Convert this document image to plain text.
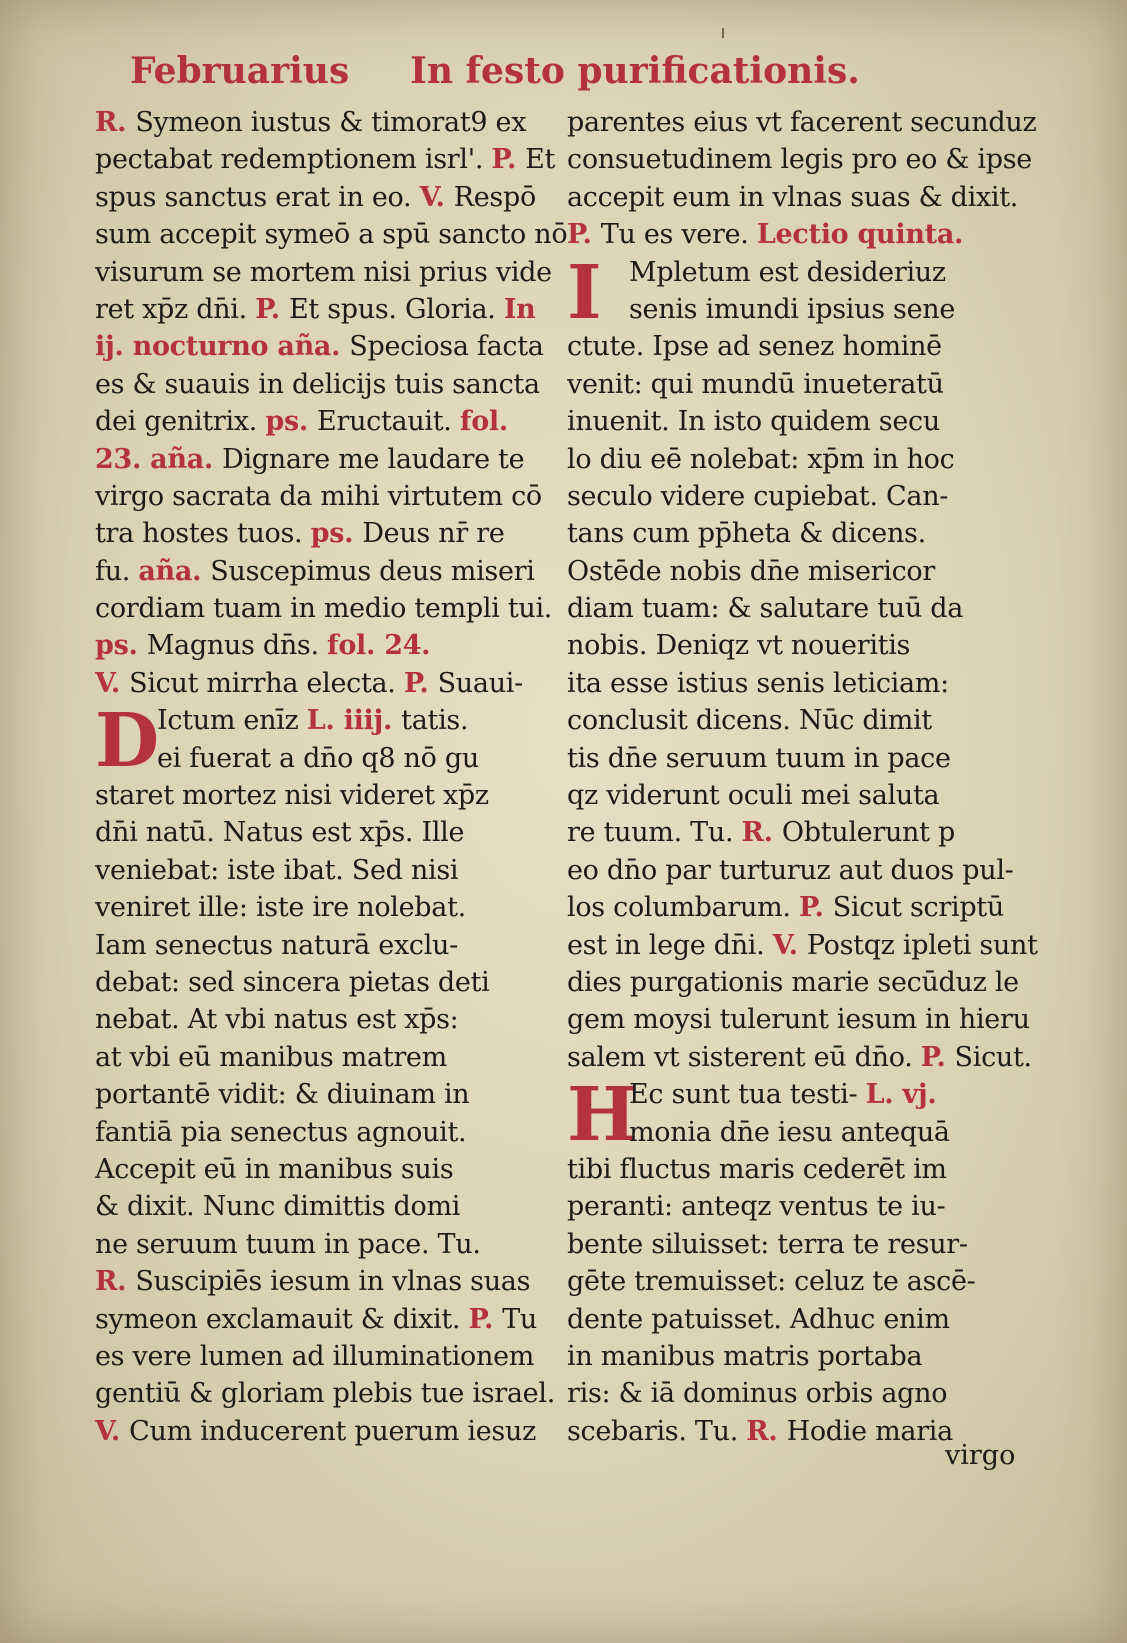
Februarius In festo purificationis.
R. Symeon iustus & timorat9 ex
pectabat redemptionem isrl'. P. Et
spus sanctus erat in eo. V. Respō
sum accepit symeō a spū sancto nō
visurum se mortem nisi prius vide
ret xp̄z dn̄i. P. Et spus. Gloria. In
ij. nocturno aña. Speciosa facta
es & suauis in delicijs tuis sancta
dei genitrix. ps. Eructauit. fol.
23. aña. Dignare me laudare te
virgo sacrata da mihi virtutem cō
tra hostes tuos. ps. Deus nr̄ re
fu. aña. Suscepimus deus miseri
cordiam tuam in medio templi tui.
ps. Magnus dn̄s. fol. 24.
V. Sicut mirrha electa. P. Suaui-
D
Ictum enīz L. iiij. tatis.
ei fuerat a dn̄o q8 nō gu
staret mortez nisi videret xp̄z
dn̄i natū. Natus est xp̄s. Ille
veniebat: iste ibat. Sed nisi
veniret ille: iste ire nolebat.
Iam senectus naturā exclu-
debat: sed sincera pietas deti
nebat. At vbi natus est xp̄s:
at vbi eū manibus matrem
portantē vidit: & diuinam in
fantiā pia senectus agnouit.
Accepit eū in manibus suis
& dixit. Nunc dimittis domi
ne seruum tuum in pace. Tu.
R. Suscipiēs iesum in vlnas suas
symeon exclamauit & dixit. P. Tu
es vere lumen ad illuminationem
gentiū & gloriam plebis tue israel.
V. Cum inducerent puerum iesuz
parentes eius vt facerent secunduz
consuetudinem legis pro eo & ipse
accepit eum in vlnas suas & dixit.
P. Tu es vere. Lectio quinta.
I	Mpletum est desideriuz
senis imundi ipsius sene
ctute. Ipse ad senez hominē
venit: qui mundū inueteratū
inuenit. In isto quidem secu
lo diu eē nolebat: xp̄m in hoc
seculo videre cupiebat. Can-
tans cum pp̄heta & dicens.
Ostēde nobis dn̄e misericor
diam tuam: & salutare tuū da
nobis. Deniqz vt noueritis
ita esse istius senis leticiam:
conclusit dicens. Nūc dimit
tis dn̄e seruum tuum in pace
qz viderunt oculi mei saluta
re tuum. Tu. R. Obtulerunt p
eo dn̄o par turturuz aut duos pul-
los columbarum. P. Sicut scriptū
est in lege dn̄i. V. Postqz ipleti sunt
dies purgationis marie secūduz le
gem moysi tulerunt iesum in hieru
salem vt sisterent eū dn̄o. P. Sicut.
H
Ec sunt tua testi- L. vj.
monia dn̄e iesu antequā
tibi fluctus maris cederēt im
peranti: anteqz ventus te iu-
bente siluisset: terra te resur-
gēte tremuisset: celuz te ascē-
dente patuisset. Adhuc enim
in manibus matris portaba
ris: & iā dominus orbis agno
scebaris. Tu. R. Hodie maria
virgo
